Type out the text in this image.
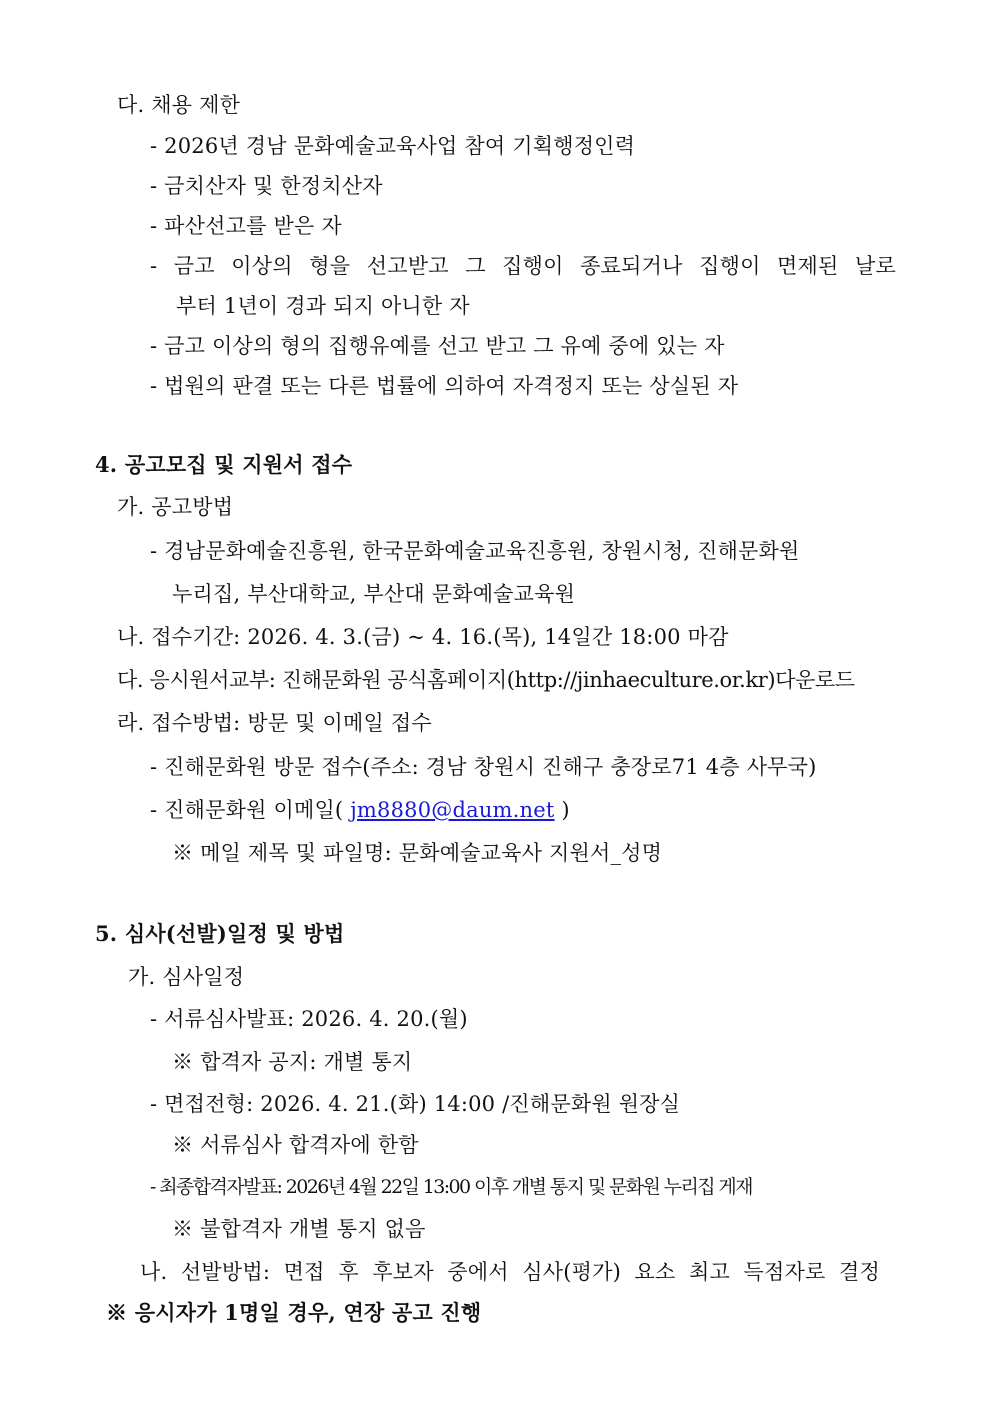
다. 채용 제한
- 2026년 경남 문화예술교육사업 참여 기획행정인력
- 금치산자 및 한정치산자
- 파산선고를 받은 자
- 금고 이상의 형을 선고받고 그 집행이 종료되거나 집행이 면제된 날로
부터 1년이 경과 되지 아니한 자
- 금고 이상의 형의 집행유예를 선고 받고 그 유예 중에 있는 자
- 법원의 판결 또는 다른 법률에 의하여 자격정지 또는 상실된 자
4. 공고모집 및 지원서 접수
가. 공고방법
- 경남문화예술진흥원, 한국문화예술교육진흥원, 창원시청, 진해문화원
누리집, 부산대학교, 부산대 문화예술교육원
나. 접수기간: 2026. 4. 3.(금) ~ 4. 16.(목), 14일간 18:00 마감
다. 응시원서교부: 진해문화원 공식홈페이지(http://jinhaeculture.or.kr)다운로드
라. 접수방법: 방문 및 이메일 접수
- 진해문화원 방문 접수(주소: 경남 창원시 진해구 충장로71 4층 사무국)
- 진해문화원 이메일( jm8880@daum.net )
※ 메일 제목 및 파일명: 문화예술교육사 지원서_성명
5. 심사(선발)일정 및 방법
가. 심사일정
- 서류심사발표: 2026. 4. 20.(월)
※ 합격자 공지: 개별 통지
- 면접전형: 2026. 4. 21.(화) 14:00 /진해문화원 원장실
※ 서류심사 합격자에 한함
- 최종합격자발표: 2026년 4월 22일 13:00 이후 개별 통지 및 문화원 누리집 게재
※ 불합격자 개별 통지 없음
나. 선발방법: 면접 후 후보자 중에서 심사(평가) 요소 최고 득점자로 결정
※ 응시자가 1명일 경우, 연장 공고 진행
